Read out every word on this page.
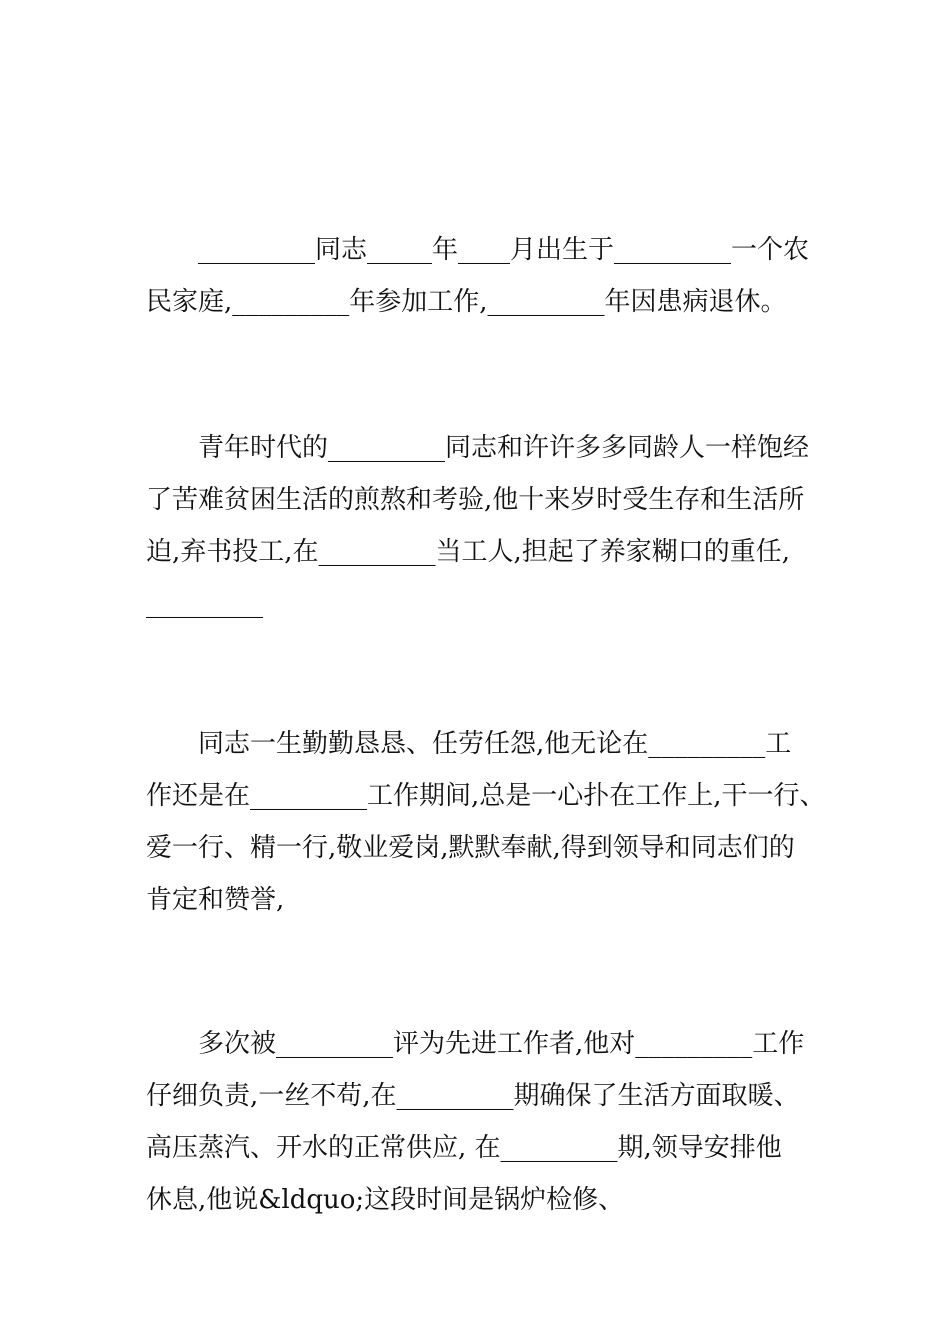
_________同志_____年____月出生于_________一个农
民家庭,_________年参加工作,_________年因患病退休。
青年时代的_________同志和许许多多同龄人一样饱经
了苦难贫困生活的煎熬和考验,他十来岁时受生存和生活所
迫,弃书投工,在_________当工人,担起了养家糊口的重任,
_________
同志一生勤勤恳恳、任劳任怨,他无论在_________工
作还是在_________工作期间,总是一心扑在工作上,干一行、
爱一行、精一行,敬业爱岗,默默奉献,得到领导和同志们的
肯定和赞誉,
多次被_________评为先进工作者,他对_________工作
仔细负责,一丝不苟,在_________期确保了生活方面取暖、
高压蒸汽、开水的正常供应, 在_________期,领导安排他
休息,他说&ldquo;这段时间是锅炉检修、
